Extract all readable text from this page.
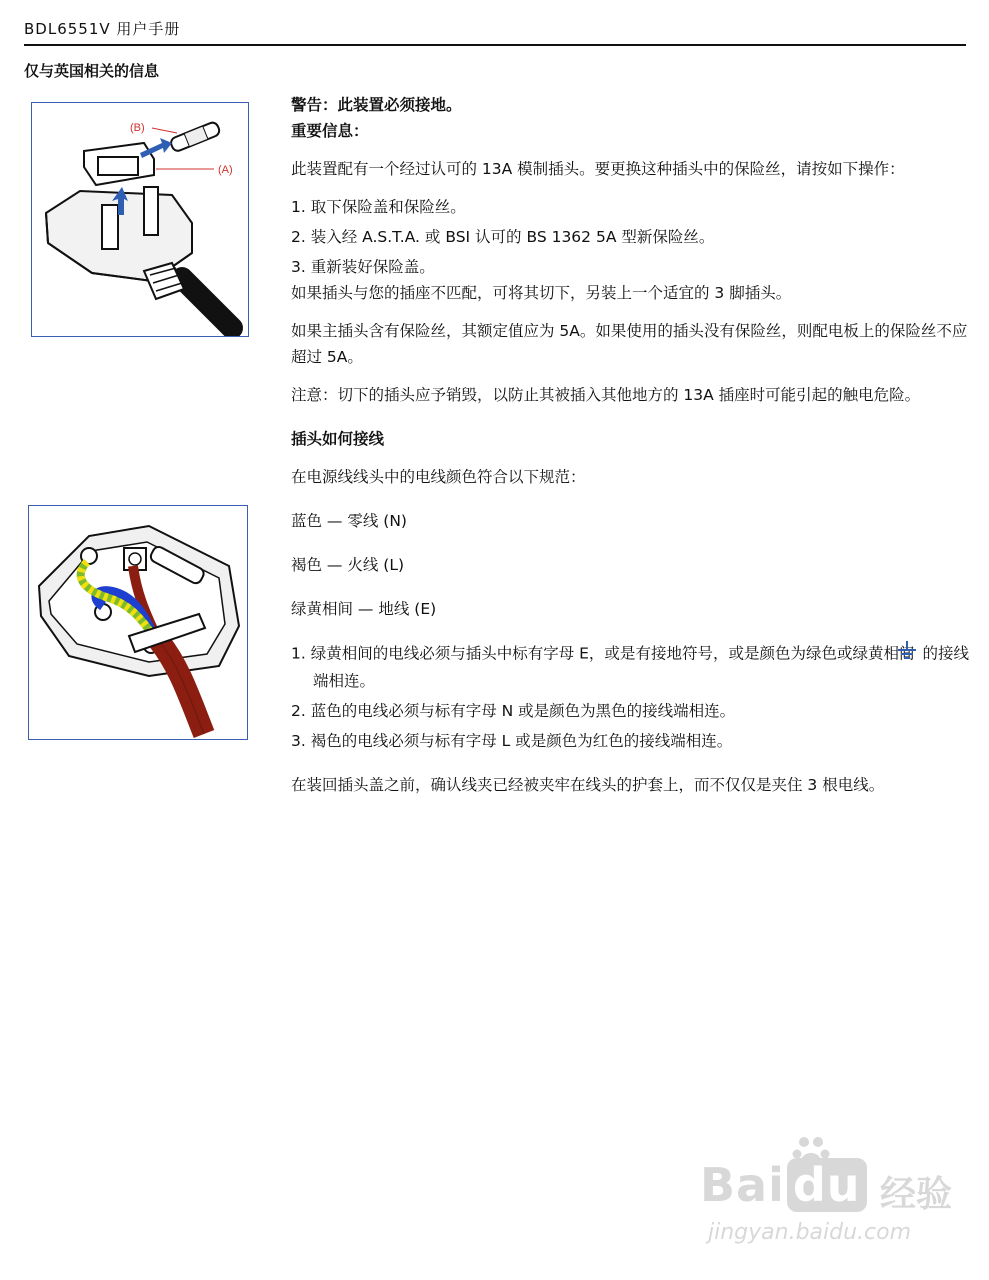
BDL6551V 用户手册
仅与英国相关的信息
(B)
(A)

警告：此装置必须接地。

重要信息：

此装置配有一个经过认可的 13A 模制插头。要更换这种插头中的保险丝，请按如下操作：

1. 取下保险盖和保险丝。
2. 装入经 A.S.T.A. 或 BSI 认可的 BS 1362 5A 型新保险丝。
3. 重新装好保险盖。

如果插头与您的插座不匹配，可将其切下，另装上一个适宜的 3 脚插头。

如果主插头含有保险丝，其额定值应为 5A。如果使用的插头没有保险丝，则配电板上的保险丝不应超过 5A。

注意：切下的插头应予销毁，以防止其被插入其他地方的 13A 插座时可能引起的触电危险。

插头如何接线

在电源线线头中的电线颜色符合以下规范：

蓝色 — 零线 (N)

褐色 — 火线 (L)

绿黄相间 — 地线 (E)

1. 绿黄相间的电线必须与插头中标有字母 E，或是有接地符号，或是颜色为绿色或绿黄相间 的接线端相连。
2. 蓝色的电线必须与标有字母 N 或是颜色为黑色的接线端相连。
3. 褐色的电线必须与标有字母 L 或是颜色为红色的接线端相连。

在装回插头盖之前，确认线夹已经被夹牢在线头的护套上，而不仅仅是夹住 3 根电线。

Bai du 经验
jingyan.baidu.com
